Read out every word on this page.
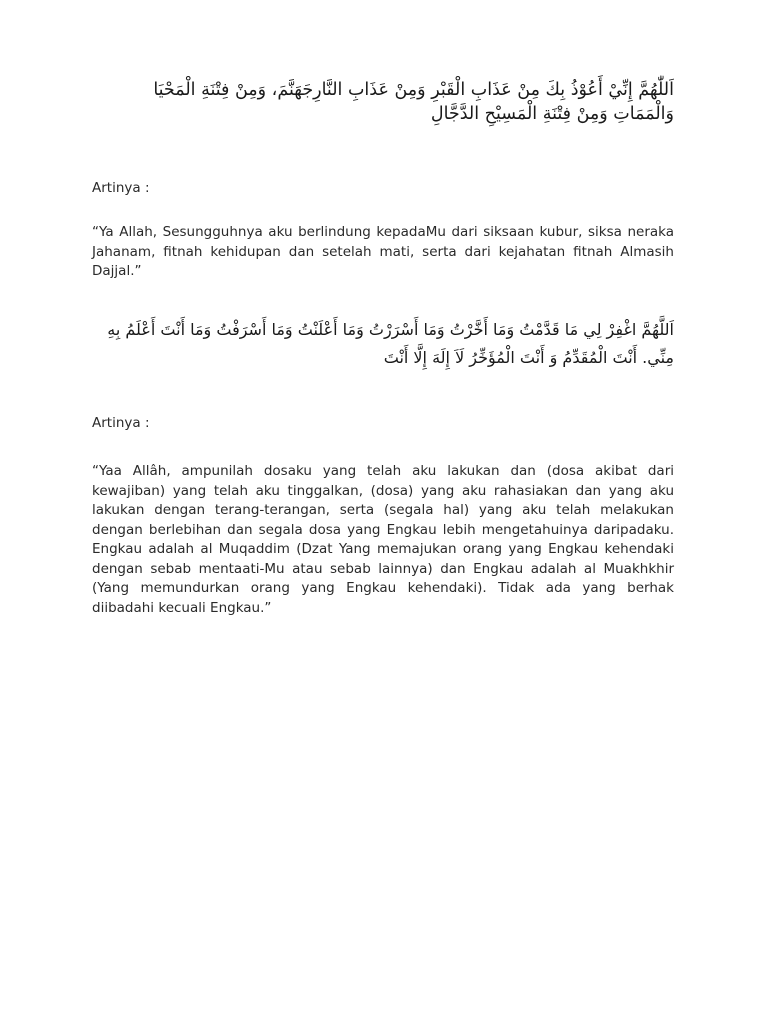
اَللّٰهُمَّ إِنِّيْ أَعُوْذُ بِكَ مِنْ عَذَابِ الْقَبْرِ وَمِنْ عَذَابِ النَّارِجَهَنَّمَ، وَمِنْ فِتْنَةِ الْمَحْيَا وَالْمَمَاتِ وَمِنْ فِتْنَةِ الْمَسِيْحِ الدَّجَّالِ

Artinya :

“Ya Allah, Sesungguhnya aku berlindung kepadaMu dari siksaan kubur, siksa neraka Jahanam, fitnah kehidupan dan setelah mati, serta dari kejahatan fitnah Almasih Dajjal.”

اَللَّهُمَّ اغْفِرْ لِي مَا قَدَّمْتُ وَمَا أَخَّرْتُ وَمَا أَسْرَرْتُ وَمَا أَعْلَنْتُ وَمَا أَسْرَفْتُ وَمَا أَنْتَ أَعْلَمُ بِهِ مِنِّي. أَنْتَ الْمُقَدِّمُ وَ أَنْتَ الْمُؤَخِّرُ لَاَ إِلَهَ إِلَّا أَنْتَ

Artinya :

“Yaa Allâh, ampunilah dosaku yang telah aku lakukan dan (dosa akibat dari kewajiban) yang telah aku tinggalkan, (dosa) yang aku rahasiakan dan yang aku lakukan dengan terang-terangan, serta (segala hal) yang aku telah melakukan dengan berlebihan dan segala dosa yang Engkau lebih mengetahuinya daripadaku. Engkau adalah al Muqaddim (Dzat Yang memajukan orang yang Engkau kehendaki dengan sebab mentaati-Mu atau sebab lainnya) dan Engkau adalah al Muakhkhir (Yang memundurkan orang yang Engkau kehendaki). Tidak ada yang berhak diibadahi kecuali Engkau.”
